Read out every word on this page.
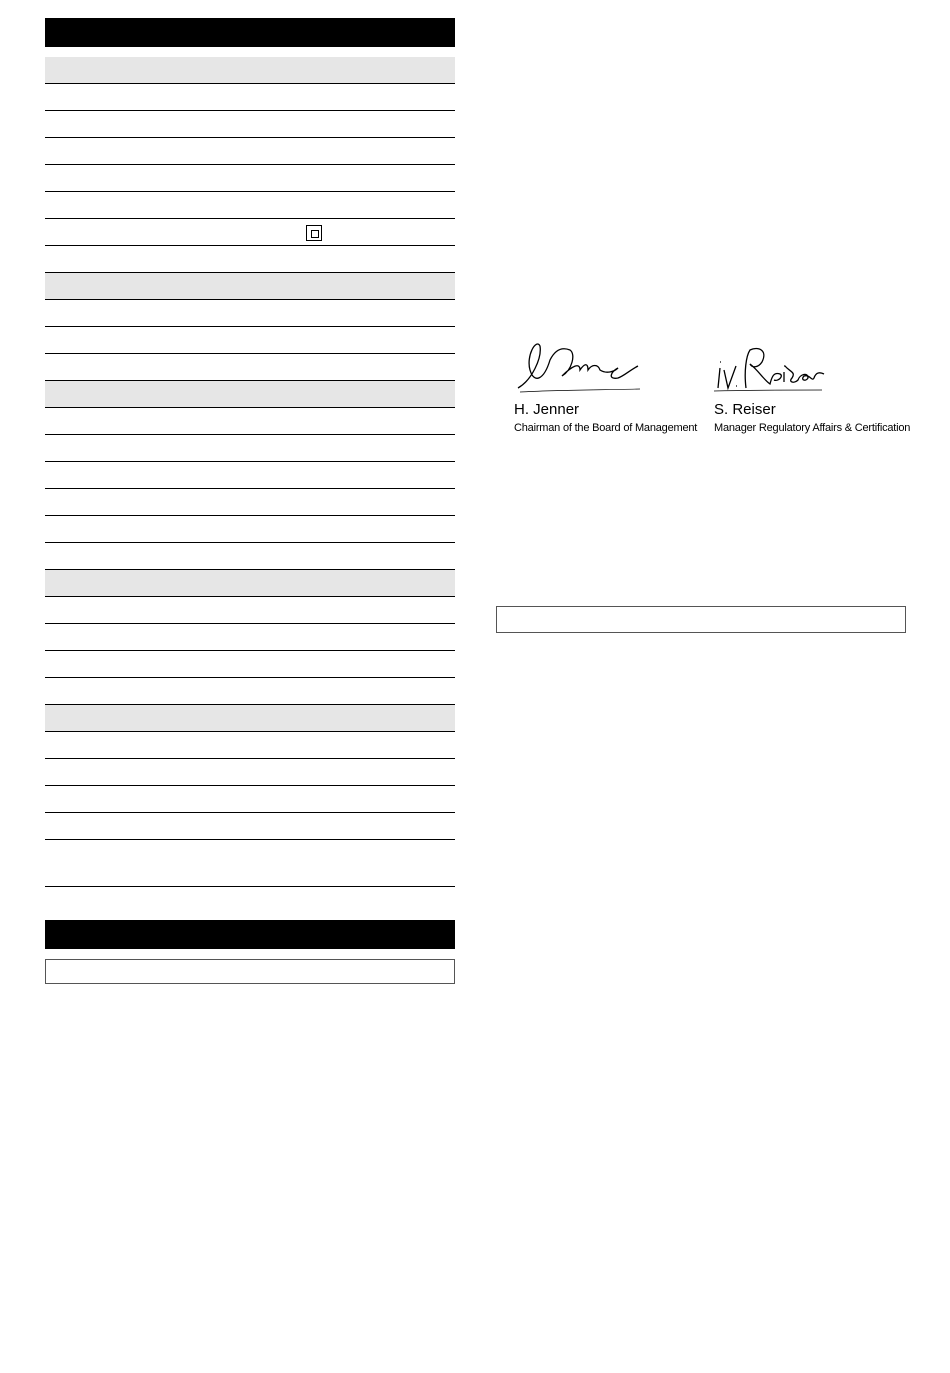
H. Jenner
Chairman of the Board of Management
S. Reiser
Manager Regulatory Affairs & Certification
